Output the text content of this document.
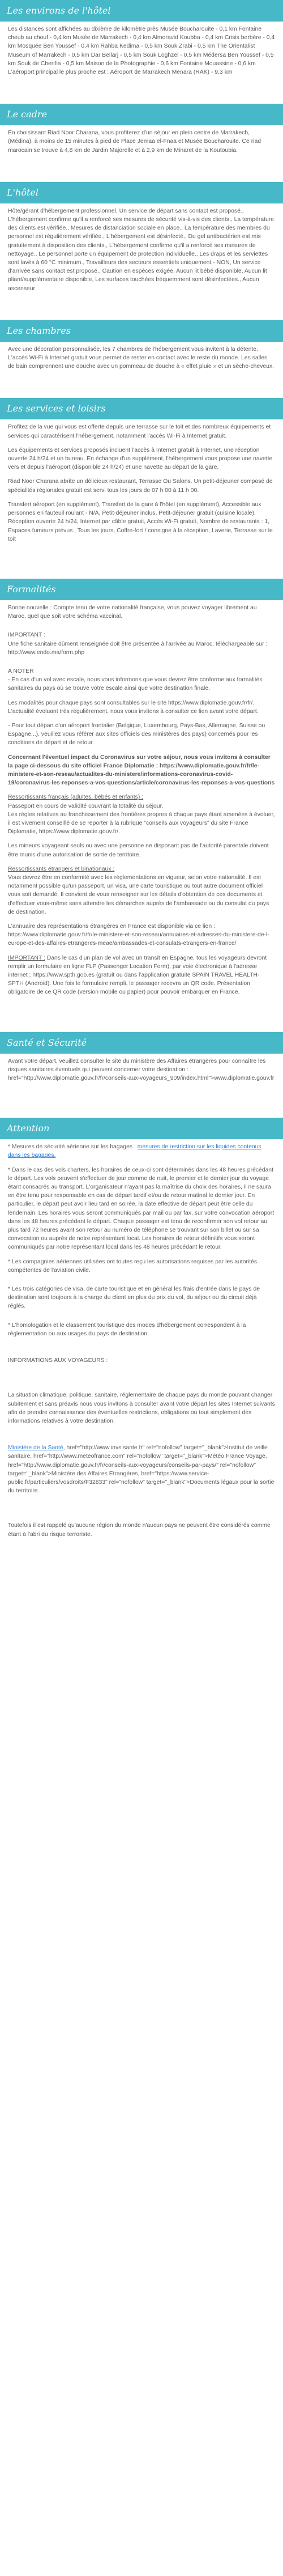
Les environs de l'hôtel

Les distances sont affichées au dixième de kilomètre près Musée Boucharouite - 0,1 km Fontaine cheub au chouf - 0,4 km Musée de Marrakech - 0,4 km Almoravid Koubba - 0,4 km Crisis berbère - 0,4 km Mosquée Ben Youssef - 0,4 km Rahba Kedima - 0,5 km Souk Zrabi - 0,5 km The Orientalist Museum of Marrakech - 0,5 km Dar Bellarj - 0,5 km Souk Loghzel - 0,5 km Médersa Ben Youssef - 0,5 km Souk de Cherifia - 0,5 km Maison de la Photographie - 0,6 km Fontaine Mouassine - 0,6 km L'aéroport principal le plus proche est : Aéroport de Marrakech Menara (RAK) - 9,3 km

Le cadre

En choisissant Riad Noor Charana, vous profiterez d'un séjour en plein centre de Marrakech, (Médina), à moins de 15 minutes à pied de Place Jemaa el-Fnaa et Musée Boucharouite. Ce riad marocain se trouve à 4,8 km de Jardin Majorelle et à 2,9 km de Minaret de la Koutoubia.

L'hôtel

Hôte/gérant d'hébergement professionnel, Un service de départ sans contact est proposé., L'hébergement confirme qu'il a renforcé ses mesures de sécurité vis-à-vis des clients., La température des clients est vérifiée., Mesures de distanciation sociale en place., La température des membres du personnel est régulièrement vérifiée., L'hébergement est désinfecté., Du gel antibactérien est mis gratuitement à disposition des clients., L'hébergement confirme qu'il a renforcé ses mesures de nettoyage., Le personnel porte un équipement de protection individuelle., Les draps et les serviettes sont lavés à 60 °C minimum., Travailleurs des secteurs essentiels uniquement - NON, Un service d'arrivée sans contact est proposé., Caution en espèces exigée, Aucun lit bébé disponible, Aucun lit pliant/supplémentaire disponible, Les surfaces touchées fréquemment sont désinfectées., Aucun ascenseur

Les chambres

Avec une décoration personnalisée, les 7 chambres de l'hébergement vous invitent à la détente. L'accès Wi-Fi à Internet gratuit vous permet de rester en contact avec le reste du monde. Les salles de bain comprennent une douche avec un pommeau de douche à « effet pluie » et un sèche-cheveux.

Les services et loisirs

Profitez de la vue qui vous est offerte depuis une terrasse sur le toit et des nombreux équipements et services qui caractérisent l'hébergement, notamment l'accès Wi-Fi à Internet gratuit.

Les équipements et services proposés incluent l'accès à Internet gratuit à Internet, une réception ouverte 24 h/24 et un bureau. En échange d'un supplément, l'hébergement vous propose une navette vers et depuis l'aéroport (disponible 24 h/24) et une navette au départ de la gare.

Riad Noor Charana abrite un délicieux restaurant, Terrasse Ou Salons. Un petit-déjeuner composé de spécialités régionales gratuit est servi tous les jours de 07 h 00 à 11 h 00.

Transfert aéroport (en supplément), Transfert de la gare à l'hôtel (en supplément), Accessible aux personnes en fauteuil roulant - N/A, Petit-déjeuner inclus, Petit-déjeuner gratuit (cuisine locale), Réception ouverte 24 h/24, Internet par câble gratuit, Accès Wi-Fi gratuit, Nombre de restaurants : 1, Espaces fumeurs prévus., Tous les jours, Coffre-fort / consigne à la réception, Laverie, Terrasse sur le toit

Formalités

Bonne nouvelle : Compte tenu de votre nationalité française, vous pouvez voyager librement au Maroc, quel que soit votre schéma vaccinal.

IMPORTANT :

Une fiche sanitaire dûment renseignée doit être présentée à l'arrivée au Maroc, téléchargeable sur : http://www.endo.ma/form.php

A NOTER

- En cas d'un vol avec escale, nous vous informons que vous devrez être conforme aux formalités sanitaires du pays où se trouve votre escale ainsi que votre destination finale.

Les modalités pour chaque pays sont consultables sur le site https://www.diplomatie.gouv.fr/fr/. L'actualité évoluant très régulièrement, nous vous invitons à consulter ce lien avant votre départ.

- Pour tout départ d'un aéroport frontalier (Belgique, Luxembourg, Pays-Bas, Allemagne, Suisse ou Espagne...), veuillez vous référer aux sites officiels des ministères des pays) concernés pour les conditions de départ et de retour.

Concernant l'éventuel impact du Coronavirus sur votre séjour, nous vous invitons à consulter la page ci-dessous du site officiel France Diplomatie : https://www.diplomatie.gouv.fr/fr/le-ministere-et-son-reseau/actualites-du-ministere/informations-coronavirus-covid-19/coronavirus-les-reponses-a-vos-questions/article/coronavirus-les-reponses-a-vos-questions

Ressortissants français (adultes, bébés et enfants) :

Passeport en cours de validité couvrant la totalité du séjour.

Les règles relatives au franchissement des frontières propres à chaque pays étant amenées à évoluer, il est vivement conseillé de se reporter à la rubrique "conseils aux voyageurs" du site France Diplomatie, https://www.diplomatie.gouv.fr/.

Les mineurs voyageant seuls ou avec une personne ne disposant pas de l'autorité parentale doivent être munis d'une autorisation de sortie de territoire.

Ressortissants étrangers et binationaux :

Vous devrez être en conformité avec les réglementations en vigueur, selon votre nationalité. Il est notamment possible qu'un passeport, un visa, une carte touristique ou tout autre document officiel vous soit demandé. Il convient de vous renseigner sur les détails d'obtention de ces documents et d'effectuer vous-même sans attendre les démarches auprès de l'ambassade ou du consulat du pays de destination.

L'annuaire des représentations étrangères en France est disponible via ce lien : https://www.diplomatie.gouv.fr/fr/le-ministere-et-son-reseau/annuaires-et-adresses-du-ministere-de-l-europe-et-des-affaires-etrangeres-meae/ambassades-et-consulats-etrangers-en-france/

IMPORTANT : Dans le cas d'un plan de vol avec un transit en Espagne, tous les voyageurs devront remplir un formulaire en ligne FLP (Passenger Location Form), par voie électronique à l'adresse internet : https://www.spth.gob.es (gratuit ou dans l'application gratuite SPAIN TRAVEL HEALTH-SPTH (Android). Une fois le formulaire rempli, le passager recevra un QR code. Présentation obligatoire de ce QR code (version mobile ou papier) pour pouvoir embarquer en France.

Santé et Sécurité

Avant votre départ, veuillez consulter le site du ministère des Affaires étrangères pour connaître les risques sanitaires éventuels qui peuvent concerner votre destination : href="http://www.diplomatie.gouv.fr/fr/conseils-aux-voyageurs_909/index.html">www.diplomatie.gouv.fr

Attention

* Mesures de sécurité aérienne sur les bagages : mesures de restriction sur les liquides contenus dans les bagages.

* Dans le cas des vols charters, les horaires de ceux-ci sont déterminés dans les 48 heures précédant le départ. Les vols peuvent s'effectuer de jour comme de nuit, le premier et le dernier jour du voyage étant consacrés au transport. L'organisateur n'ayant pas la maîtrise du choix des horaires, il ne saura en être tenu pour responsable en cas de départ tardif et/ou de retour matinal le dernier jour. En particulier, le départ peut avoir lieu tard en soirée, la date effective de départ peut être celle du lendemain. Les horaires vous seront communiqués par mail ou par fax, sur votre convocation aéroport dans les 48 heures précédant le départ. Chaque passager est tenu de reconfirmer son vol retour au plus tard 72 heures avant son retour au numéro de téléphone se trouvant sur son billet ou sur sa convocation ou auprès de notre représentant local. Les horaires de retour définitifs vous seront communiqués par notre représentant local dans les 48 heures précédant le retour.

* Les compagnies aériennes utilisées ont toutes reçu les autorisations requises par les autorités compétentes de l'aviation civile.

* Les trois catégories de visa, de carte touristique et en général les frais d'entrée dans le pays de destination sont toujours à la charge du client en plus du prix du vol, du séjour ou du circuit déjà réglés.

* L'homologation et le classement touristique des modes d'hébergement correspondent à la réglementation ou aux usages du pays de destination.

INFORMATIONS AUX VOYAGEURS :

La situation climatique, politique, sanitaire, réglementaire de chaque pays du monde pouvant changer subitement et sans préavis nous vous invitons à consulter avant votre départ les sites Internet suivants afin de prendre connaissance des éventuelles restrictions, obligations ou tout simplement des informations relatives à votre destination.

Ministère de la Santé, href="http://www.invs.sante.fr" rel="nofollow" target="_blank">Institut de veille sanitaire, href="http://www.meteofrance.com" rel="nofollow" target="_blank">Météo France Voyage, href="http://www.diplomatie.gouv.fr/fr/conseils-aux-voyageurs/conseils-par-pays/" rel="nofollow" target="_blank">Ministère des Affaires Etrangères, href="https://www.service-public.fr/particuliers/vosdroits/F32833" rel="nofollow" target="_blank">Documents légaux pour la sortie du territoire.

Toutefois il est rappelé qu'aucune région du monde n'aucun pays ne peuvent être considérés comme étant à l'abri du risque terroriste.
